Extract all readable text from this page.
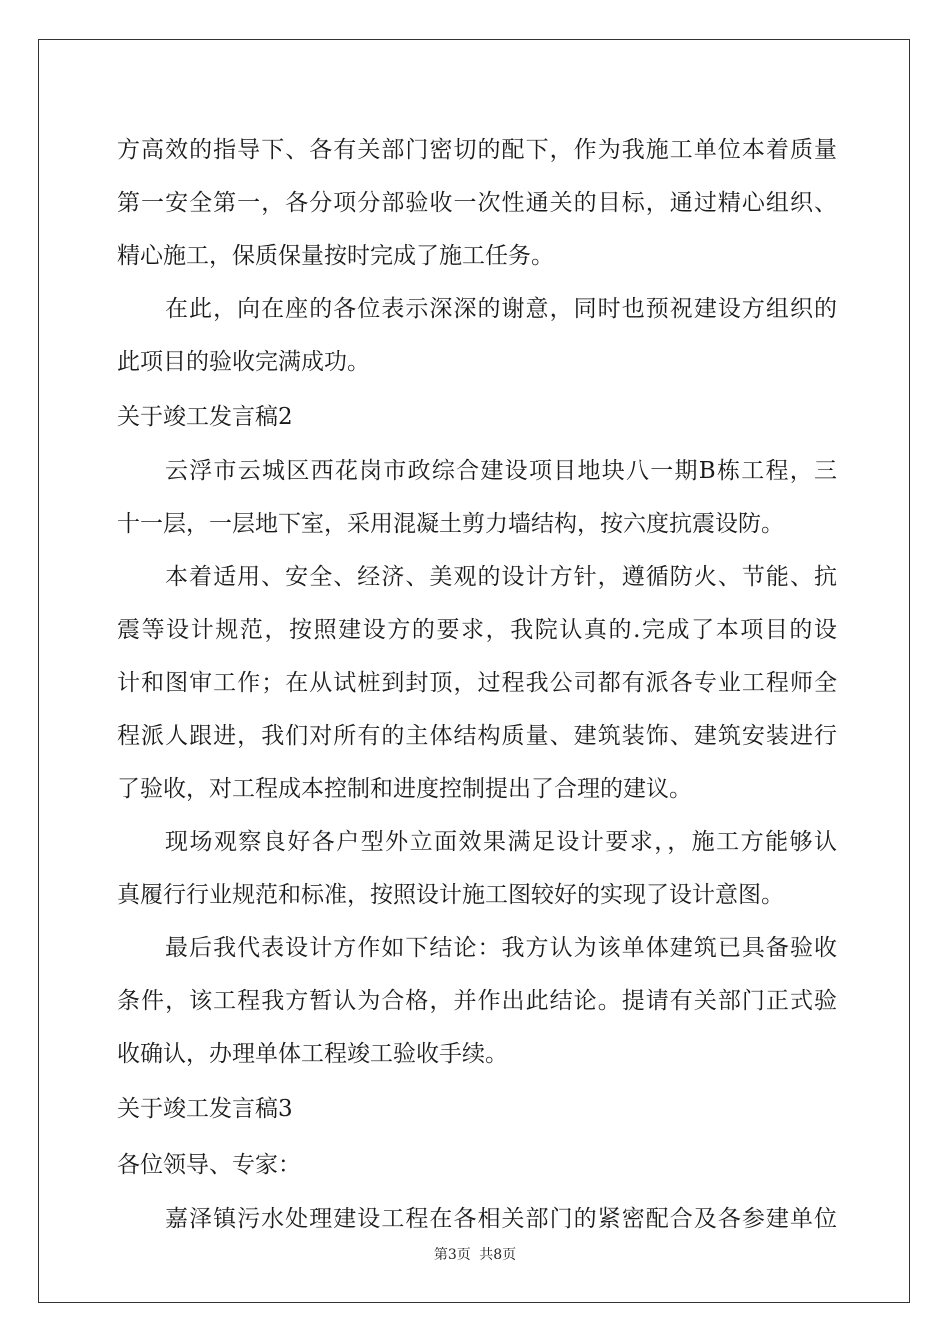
方高效的指导下、各有关部门密切的配下，作为我施工单位本着质量
第一安全第一，各分项分部验收一次性通关的目标，通过精心组织、
精心施工，保质保量按时完成了施工任务。
在此，向在座的各位表示深深的谢意，同时也预祝建设方组织的
此项目的验收完满成功。
关于竣工发言稿2
云浮市云城区西花岗市政综合建设项目地块八一期B栋工程，三
十一层，一层地下室，采用混凝土剪力墙结构，按六度抗震设防。
本着适用、安全、经济、美观的设计方针，遵循防火、节能、抗
震等设计规范，按照建设方的要求，我院认真的.完成了本项目的设
计和图审工作；在从试桩到封顶，过程我公司都有派各专业工程师全
程派人跟进，我们对所有的主体结构质量、建筑装饰、建筑安装进行
了验收，对工程成本控制和进度控制提出了合理的建议。
现场观察良好各户型外立面效果满足设计要求，，施工方能够认
真履行行业规范和标准，按照设计施工图较好的实现了设计意图。
最后我代表设计方作如下结论：我方认为该单体建筑已具备验收
条件，该工程我方暂认为合格，并作出此结论。提请有关部门正式验
收确认，办理单体工程竣工验收手续。
关于竣工发言稿3
各位领导、专家：
嘉泽镇污水处理建设工程在各相关部门的紧密配合及各参建单位
第3页 共8页
